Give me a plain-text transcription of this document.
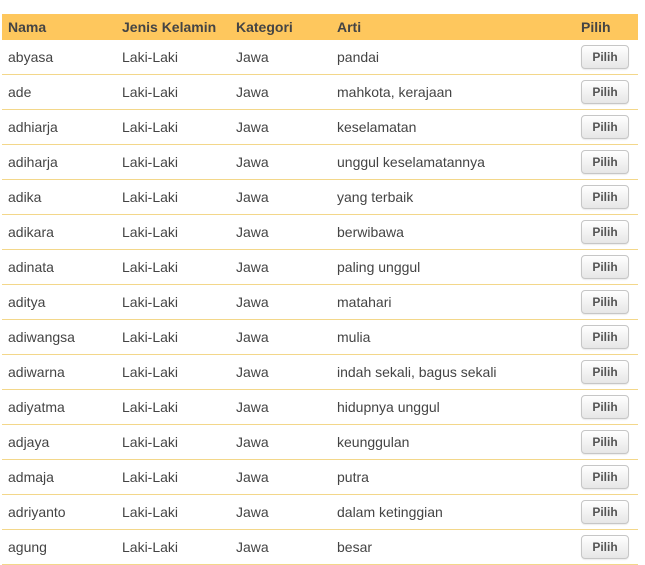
Nama	Jenis Kelamin	Kategori	Arti	Pilih
abyasa	Laki-Laki	Jawa	pandai	Pilih
ade	Laki-Laki	Jawa	mahkota, kerajaan	Pilih
adhiarja	Laki-Laki	Jawa	keselamatan	Pilih
adiharja	Laki-Laki	Jawa	unggul keselamatannya	Pilih
adika	Laki-Laki	Jawa	yang terbaik	Pilih
adikara	Laki-Laki	Jawa	berwibawa	Pilih
adinata	Laki-Laki	Jawa	paling unggul	Pilih
aditya	Laki-Laki	Jawa	matahari	Pilih
adiwangsa	Laki-Laki	Jawa	mulia	Pilih
adiwarna	Laki-Laki	Jawa	indah sekali, bagus sekali	Pilih
adiyatma	Laki-Laki	Jawa	hidupnya unggul	Pilih
adjaya	Laki-Laki	Jawa	keunggulan	Pilih
admaja	Laki-Laki	Jawa	putra	Pilih
adriyanto	Laki-Laki	Jawa	dalam ketinggian	Pilih
agung	Laki-Laki	Jawa	besar	Pilih
